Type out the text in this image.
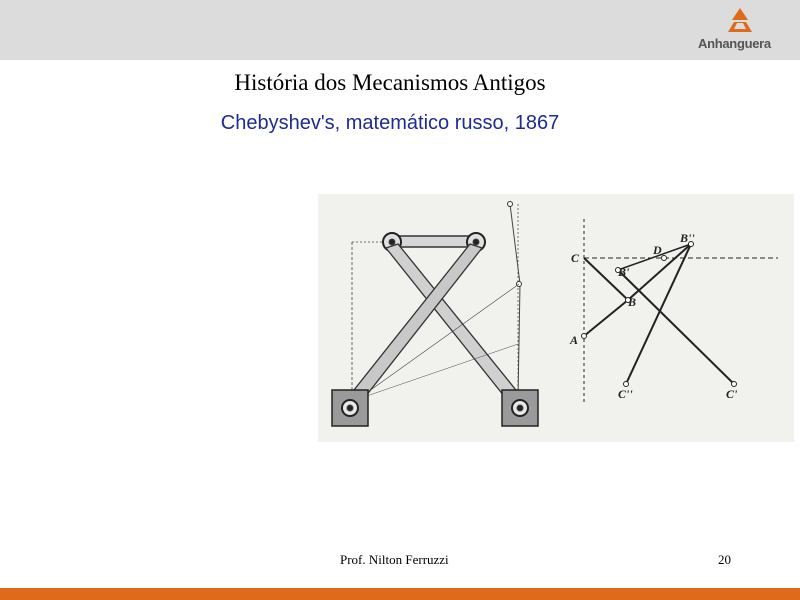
Anhanguera
História dos Mecanismos Antigos
Chebyshev's, matemático russo, 1867
C
D
B''
B'
B
A
C''	C'
Prof. Nilton Ferruzzi	20
